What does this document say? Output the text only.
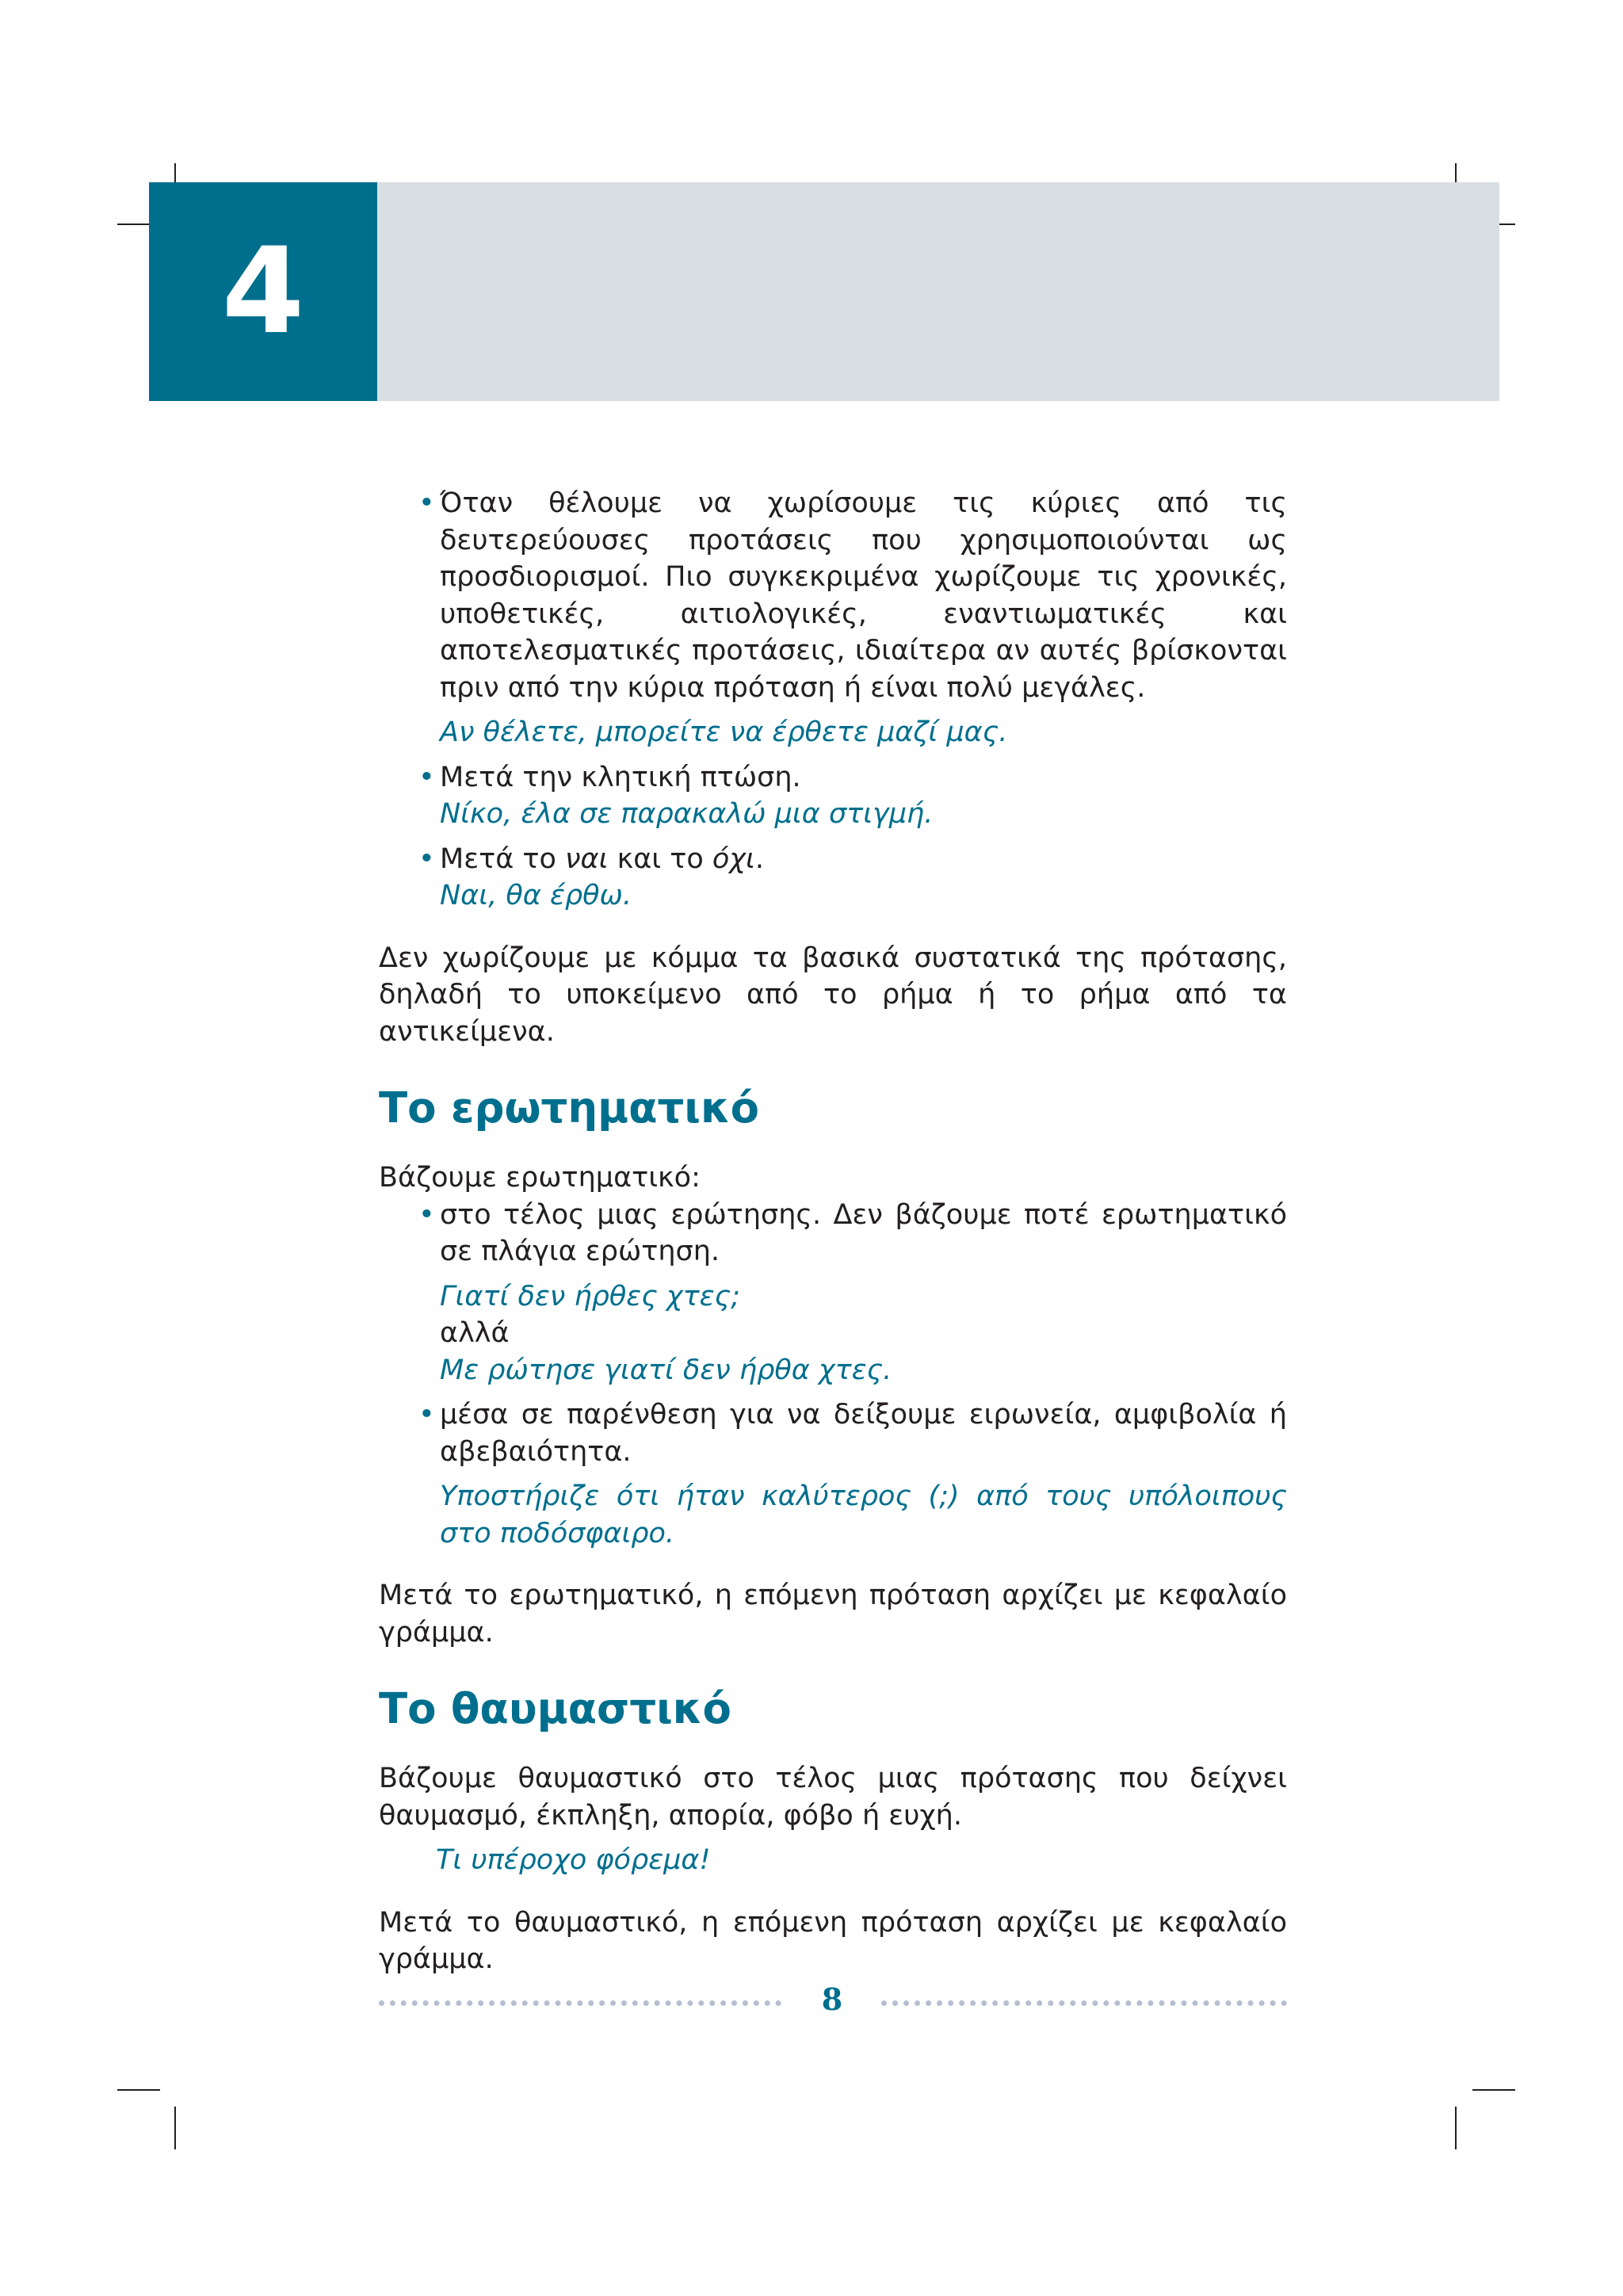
4
• Όταν θέλουμε να χωρίσουμε τις κύριες από τις δευτερεύουσες προτάσεις που χρησιμοποιούνται ως προσδιορισμοί. Πιο συγκεκριμένα χωρίζουμε τις χρονικές, υποθετικές, αιτιολογικές, εναντιωματικές και αποτελεσματικές προτάσεις, ιδιαίτερα αν αυτές βρίσκονται πριν από την κύρια πρόταση ή είναι πολύ μεγάλες.

Αν θέλετε, μπορείτε να έρθετε μαζί μας.

• Μετά την κλητική πτώση.

Νίκο, έλα σε παρακαλώ μια στιγμή.

• Μετά το ναι και το όχι.

Ναι, θα έρθω.

Δεν χωρίζουμε με κόμμα τα βασικά συστατικά της πρότασης, δηλαδή το υποκείμενο από το ρήμα ή το ρήμα από τα αντικείμενα.

Το ερωτηματικό

Βάζουμε ερωτηματικό:

• στο τέλος μιας ερώτησης. Δεν βάζουμε ποτέ ερωτηματικό σε πλάγια ερώτηση.

Γιατί δεν ήρθες χτες;

αλλά

Με ρώτησε γιατί δεν ήρθα χτες.

• μέσα σε παρένθεση για να δείξουμε ειρωνεία, αμφιβολία ή αβεβαιότητα.

Υποστήριζε ότι ήταν καλύτερος (;) από τους υπόλοιπους στο ποδόσφαιρο.

Μετά το ερωτηματικό, η επόμενη πρόταση αρχίζει με κεφαλαίο γράμμα.

Το θαυμαστικό

Βάζουμε θαυμαστικό στο τέλος μιας πρότασης που δείχνει θαυμασμό, έκπληξη, απορία, φόβο ή ευχή.

Τι υπέροχο φόρεμα!

Μετά το θαυμαστικό, η επόμενη πρόταση αρχίζει με κεφαλαίο γράμμα.

8
